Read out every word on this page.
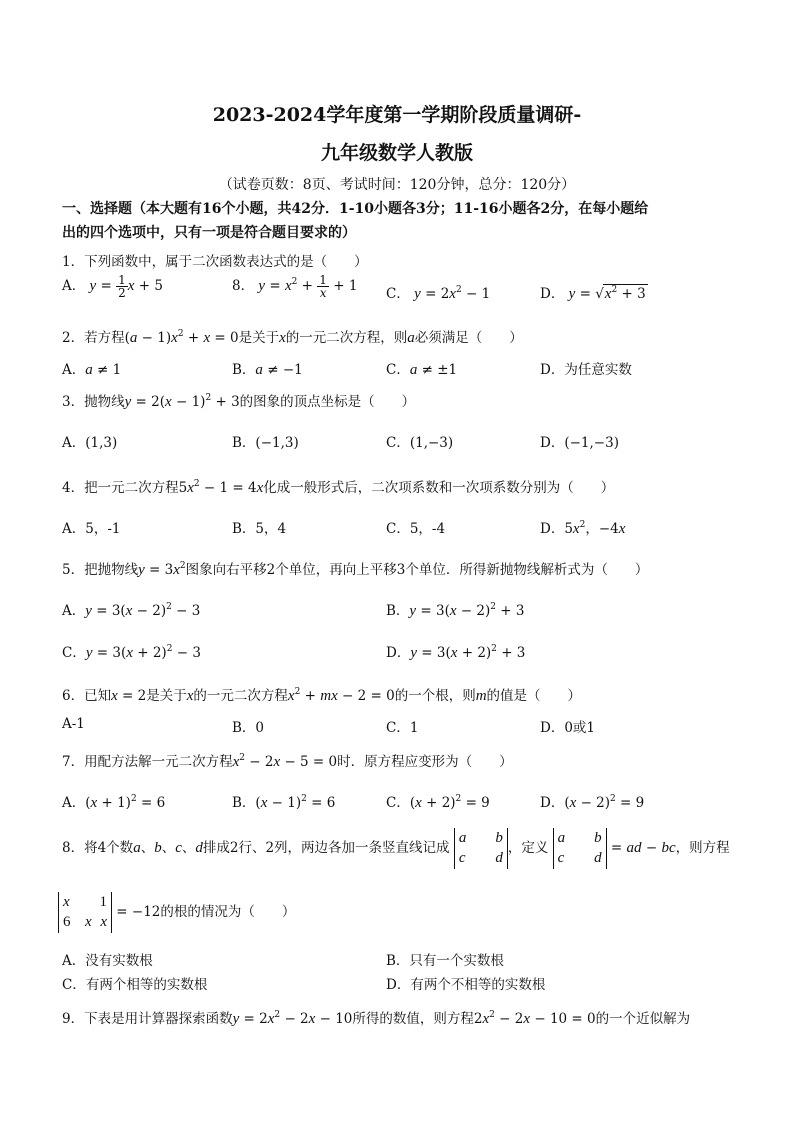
2023-2024学年度第一学期阶段质量调研-
九年级数学人教版
（试卷页数：8页、考试时间：120分钟，总分：120分）
一、选择题（本大题有16个小题，共42分．1-10小题各3分；11-16小题各2分，在每小题给
出的四个选项中，只有一项是符合题目要求的）
1．下列函数中，属于二次函数表达式的是（　　）
A． $y = \frac{1}{2}$ x + 5	8． $y = x^2 + \frac{1}{x} + 1$ C． $y = 2x^2 - 1$	D． $y = √x^2 + 3$
2．若方程$(a - 1)x^2 + x = 0$是关于x的一元二次方程，则a必须满足（　　）
A．a ≠ 1	B．a ≠ −1	C．a ≠ ±1	D．为任意实数
3．抛物线$y = 2(x - 1)^2 + 3$的图象的顶点坐标是（　　）
A．(1,3)	B．(−1,3)	C．(1,−3)	D．(−1,−3)
4．把一元二次方程$5x^2 - 1 = 4x$化成一般形式后，二次项系数和一次项系数分别为（　　）
A．5，-1	B．5，4	C．5，-4	D．$5x^2$，−4x
5．把抛物线$y = 3x^2$图象向右平移2个单位，再向上平移3个单位．所得新抛物线解析式为（　　）
A．$y = 3(x - 2)^2 - 3$	B．$y = 3(x - 2)^2 + 3$
C．$y = 3(x + 2)^2 - 3$	D．$y = 3(x + 2)^2 + 3$
6．已知x = 2是关于x的一元二次方程$x^2$ + mx − 2 = 0的一个根，则m的值是（　　）
A-1	B．0	C．1	D．0或1
7．用配方法解一元二次方程$x^2 - 2x - 5 = 0$时．原方程应变形为（　　）
A．$(x + 1)^2 = 6$	B．$(x - 1)^2 = 6$	C．$(x + 2)^2 = 9$	D．$(x - 2)^2 = 9$
8．将4个数a、b、c、d排成2行、2列，两边各加一条竖直线记成 a b
c d，定义 a b
c d = ad − bc，则方程
x 1
6 x x = −12的根的情况为（　　）
A．没有实数根	B．只有一个实数根
C．有两个相等的实数根	D．有两个不相等的实数根
9．下表是用计算器探索函数$y = 2x^2 - 2x - 10$所得的数值，则方程$2x^2 - 2x - 10 = 0$的一个近似解为
